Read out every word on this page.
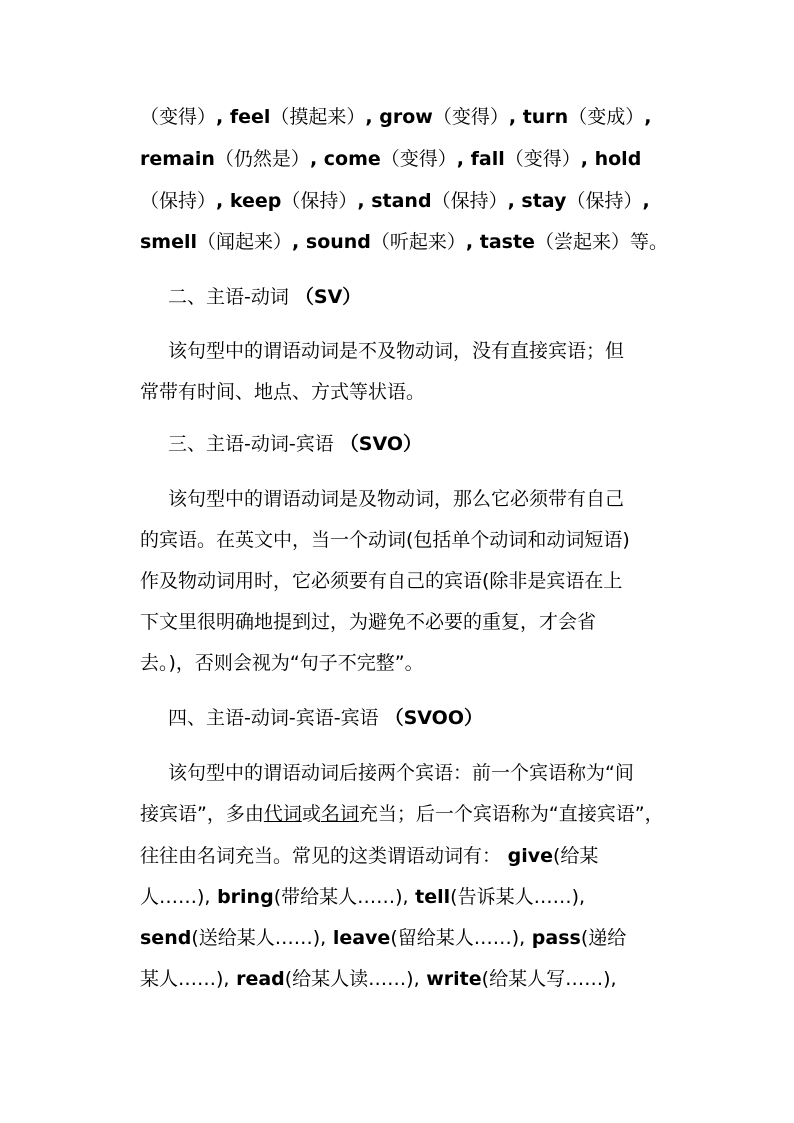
（变得）, feel（摸起来）, grow（变得）, turn（变成）,
remain（仍然是）, come（变得）, fall（变得）, hold
（保持）, keep（保持）, stand（保持）, stay（保持）,
smell（闻起来）, sound（听起来）, taste（尝起来）等。
二、主语-动词 （SV）
该句型中的谓语动词是不及物动词，没有直接宾语；但
常带有时间、地点、方式等状语。
三、主语-动词-宾语 （SVO）
该句型中的谓语动词是及物动词，那么它必须带有自己
的宾语。在英文中，当一个动词(包括单个动词和动词短语)
作及物动词用时，它必须要有自己的宾语(除非是宾语在上
下文里很明确地提到过，为避免不必要的重复，才会省
去。)，否则会视为“句子不完整”。
四、主语-动词-宾语-宾语 （SVOO）
该句型中的谓语动词后接两个宾语：前一个宾语称为“间
接宾语”，多由代词或名词充当；后一个宾语称为“直接宾语”，
往往由名词充当。常见的这类谓语动词有： give(给某
人……), bring(带给某人……), tell(告诉某人……),
send(送给某人……), leave(留给某人……), pass(递给
某人……), read(给某人读……), write(给某人写……),
